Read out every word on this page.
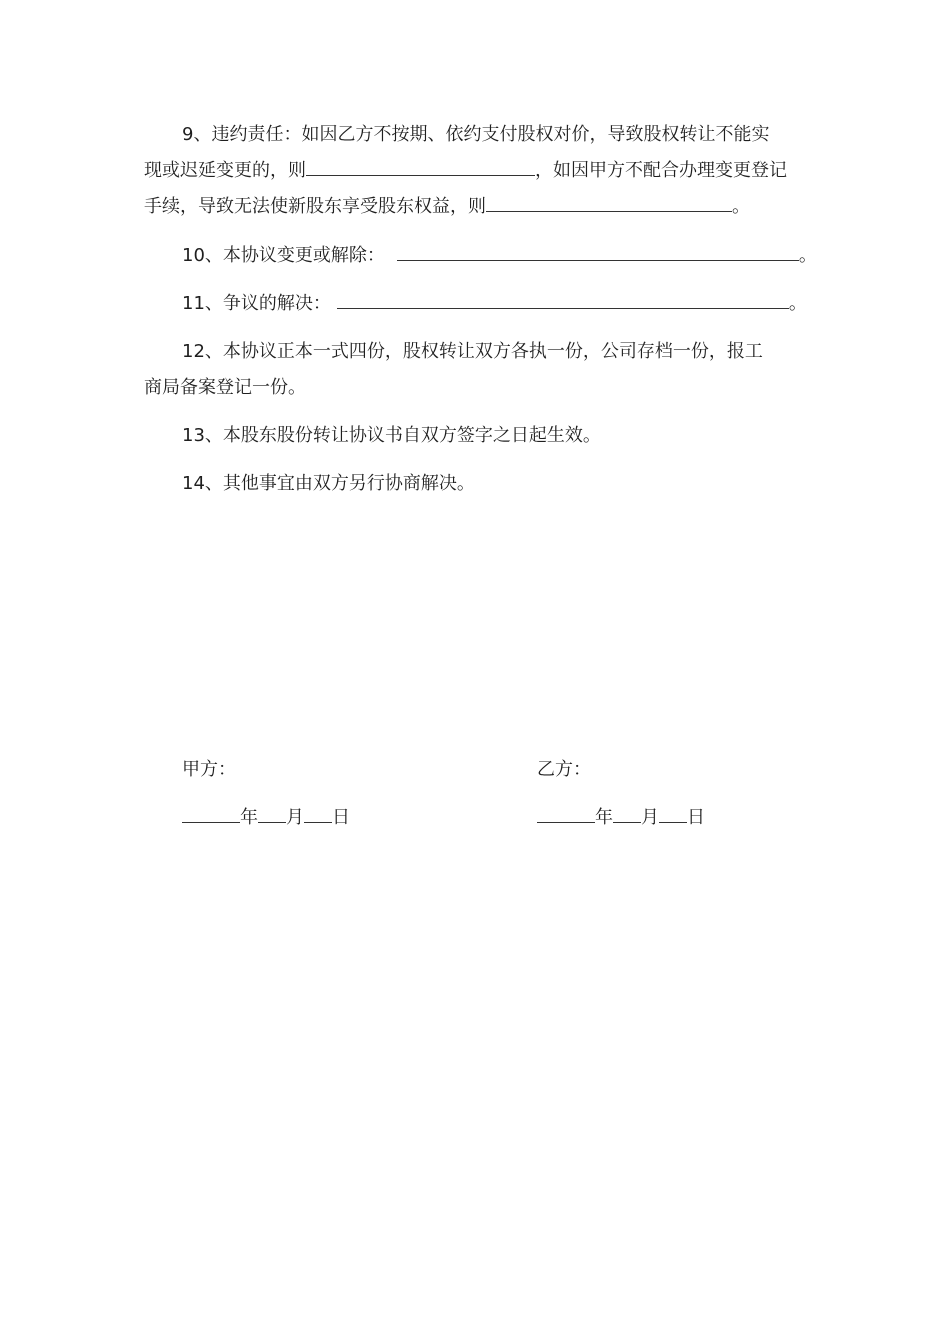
9、违约责任：如因乙方不按期、依约支付股权对价，导致股权转让不能实
现或迟延变更的，则	，如因甲方不配合办理变更登记
手续，导致无法使新股东享受股东权益，则	。
10、本协议变更或解除：	。
11、争议的解决：	。
12、本协议正本一式四份，股权转让双方各执一份，公司存档一份，报工
商局备案登记一份。
13、本股东股份转让协议书自双方签字之日起生效。
14、其他事宜由双方另行协商解决。
甲方：
年 月 日
乙方：
年 月 日
